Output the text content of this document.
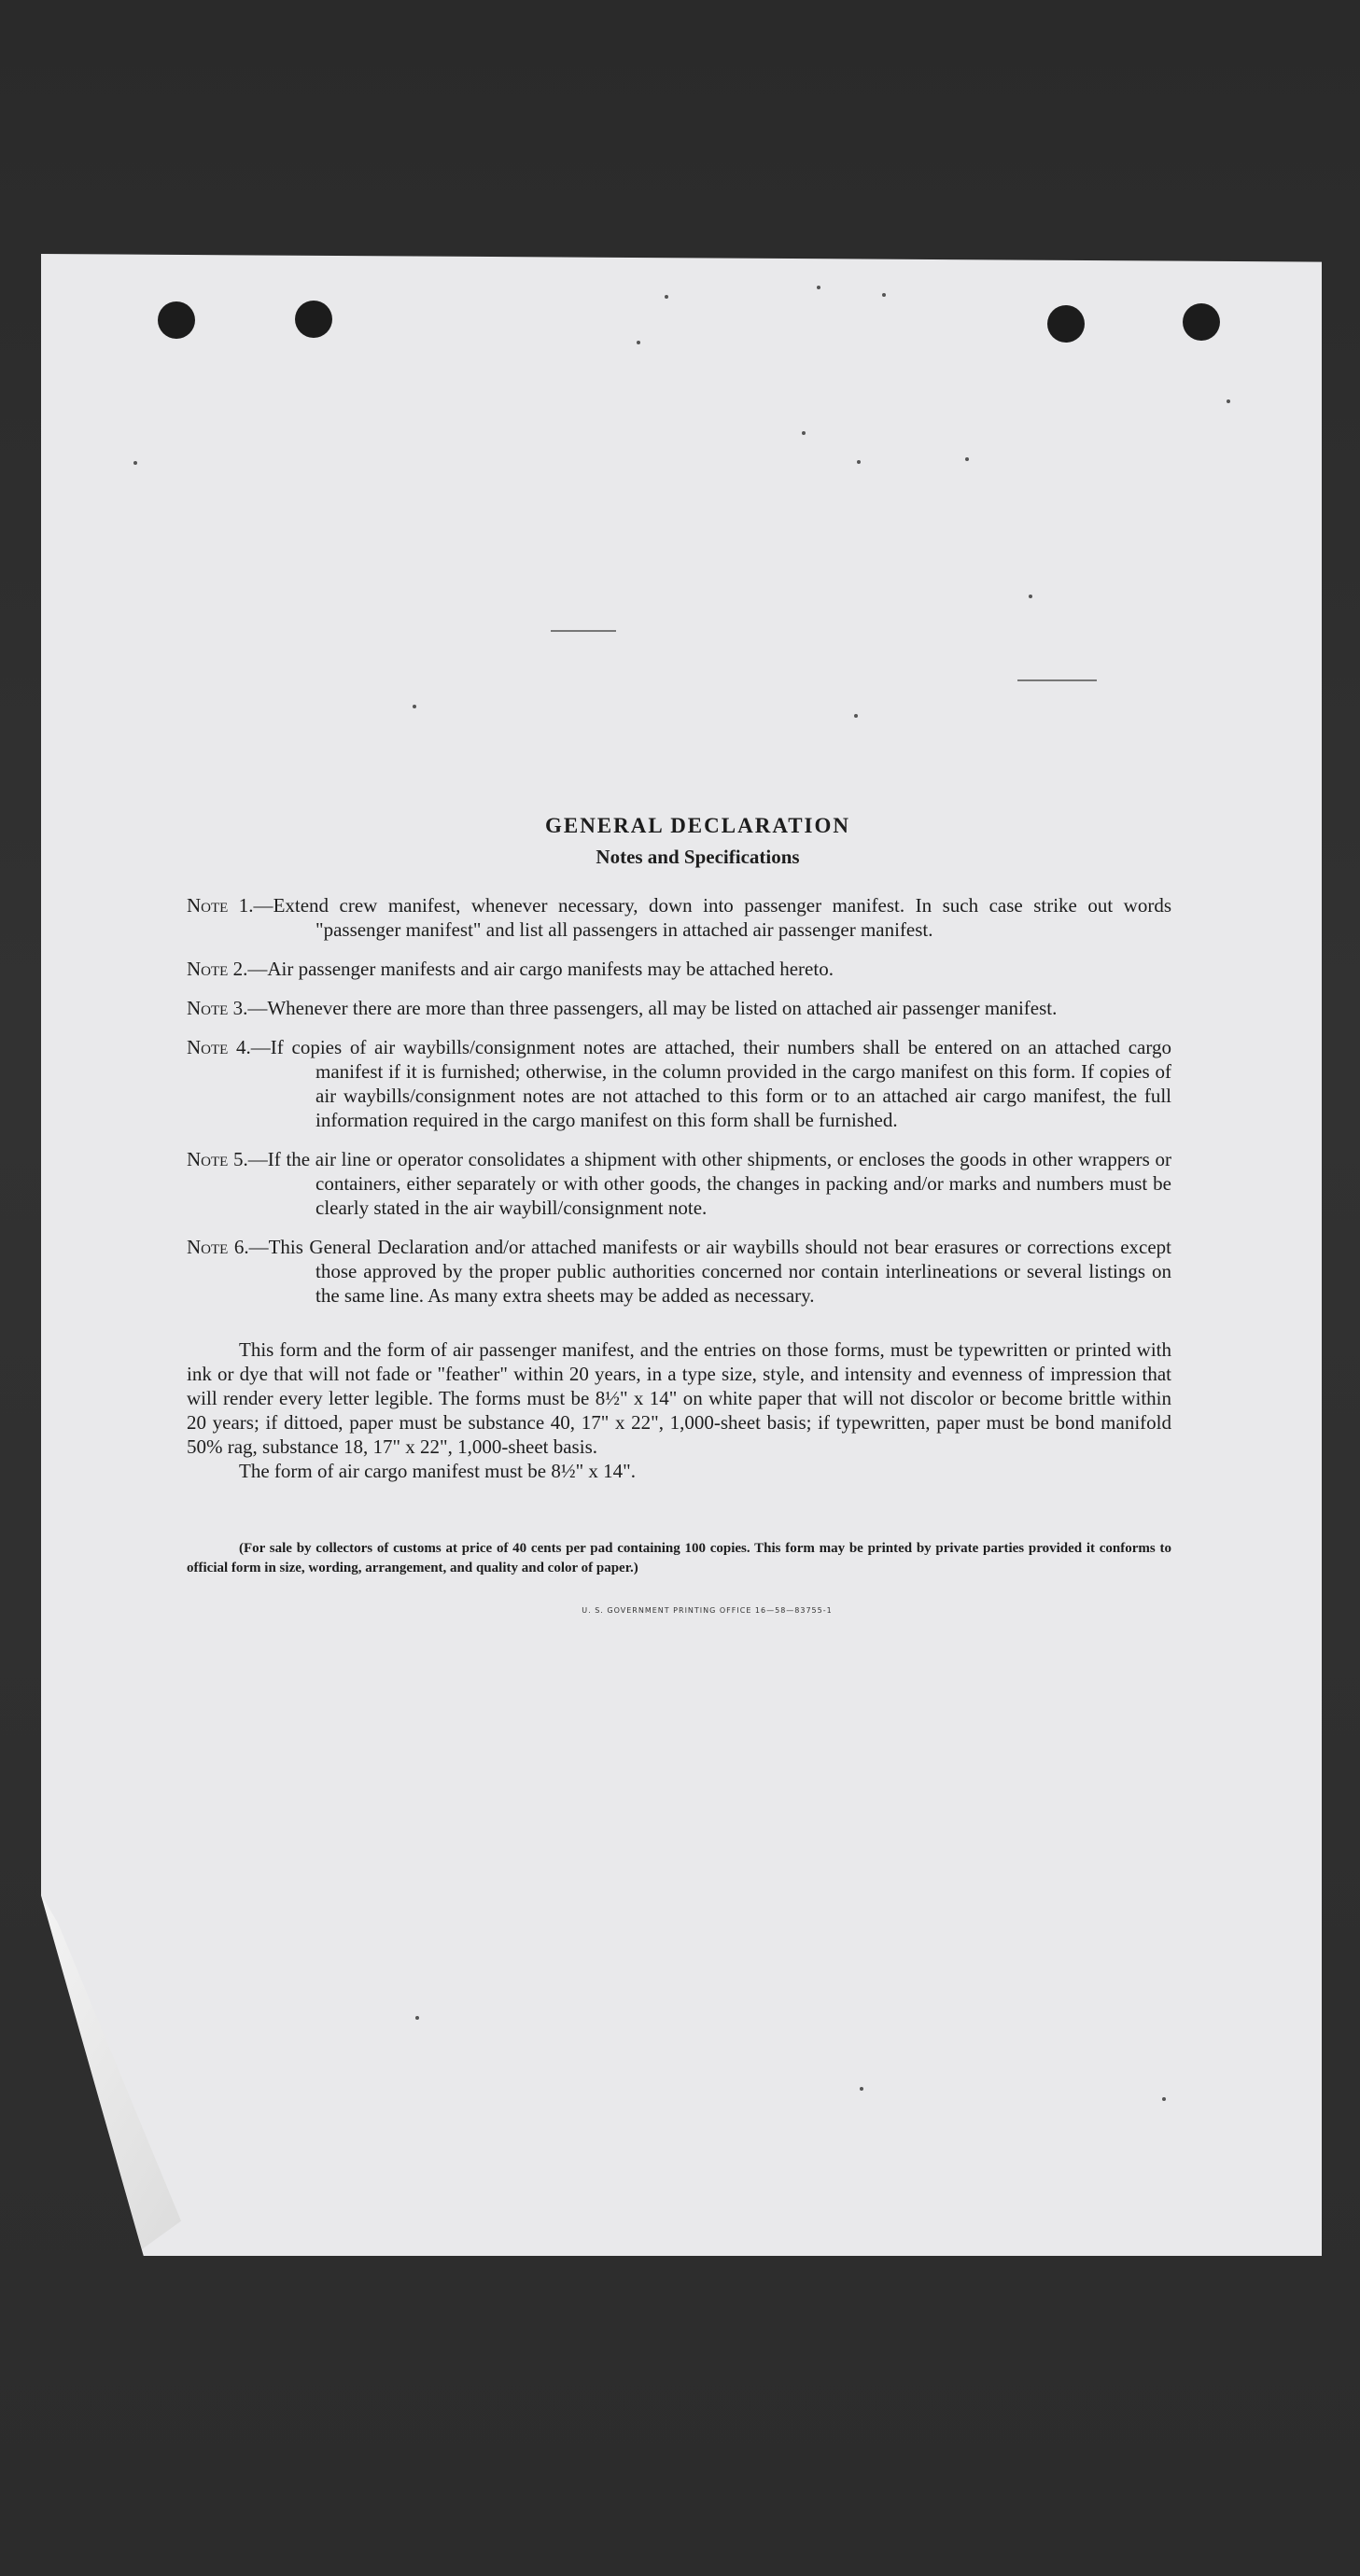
GENERAL DECLARATION
Notes and Specifications

Note 1.—Extend crew manifest, whenever necessary, down into passenger manifest. In such case strike out words "passenger manifest" and list all passengers in attached air passenger manifest.

Note 2.—Air passenger manifests and air cargo manifests may be attached hereto.

Note 3.—Whenever there are more than three passengers, all may be listed on attached air passenger manifest.

Note 4.—If copies of air waybills/consignment notes are attached, their numbers shall be entered on an attached cargo manifest if it is furnished; otherwise, in the column provided in the cargo manifest on this form. If copies of air waybills/consignment notes are not attached to this form or to an attached air cargo manifest, the full information required in the cargo manifest on this form shall be furnished.

Note 5.—If the air line or operator consolidates a shipment with other shipments, or encloses the goods in other wrappers or containers, either separately or with other goods, the changes in packing and/or marks and numbers must be clearly stated in the air waybill/consignment note.

Note 6.—This General Declaration and/or attached manifests or air waybills should not bear erasures or corrections except those approved by the proper public authorities concerned nor contain interlineations or several listings on the same line. As many extra sheets may be added as necessary.

This form and the form of air passenger manifest, and the entries on those forms, must be typewritten or printed with ink or dye that will not fade or "feather" within 20 years, in a type size, style, and intensity and evenness of impression that will render every letter legible. The forms must be 8½" x 14" on white paper that will not discolor or become brittle within 20 years; if dittoed, paper must be substance 40, 17" x 22", 1,000-sheet basis; if typewritten, paper must be bond manifold 50% rag, substance 18, 17" x 22", 1,000-sheet basis.

The form of air cargo manifest must be 8½" x 14".

(For sale by collectors of customs at price of 40 cents per pad containing 100 copies. This form may be printed by private parties provided it conforms to official form in size, wording, arrangement, and quality and color of paper.)

U. S. GOVERNMENT PRINTING OFFICE 16—58—83755-1
